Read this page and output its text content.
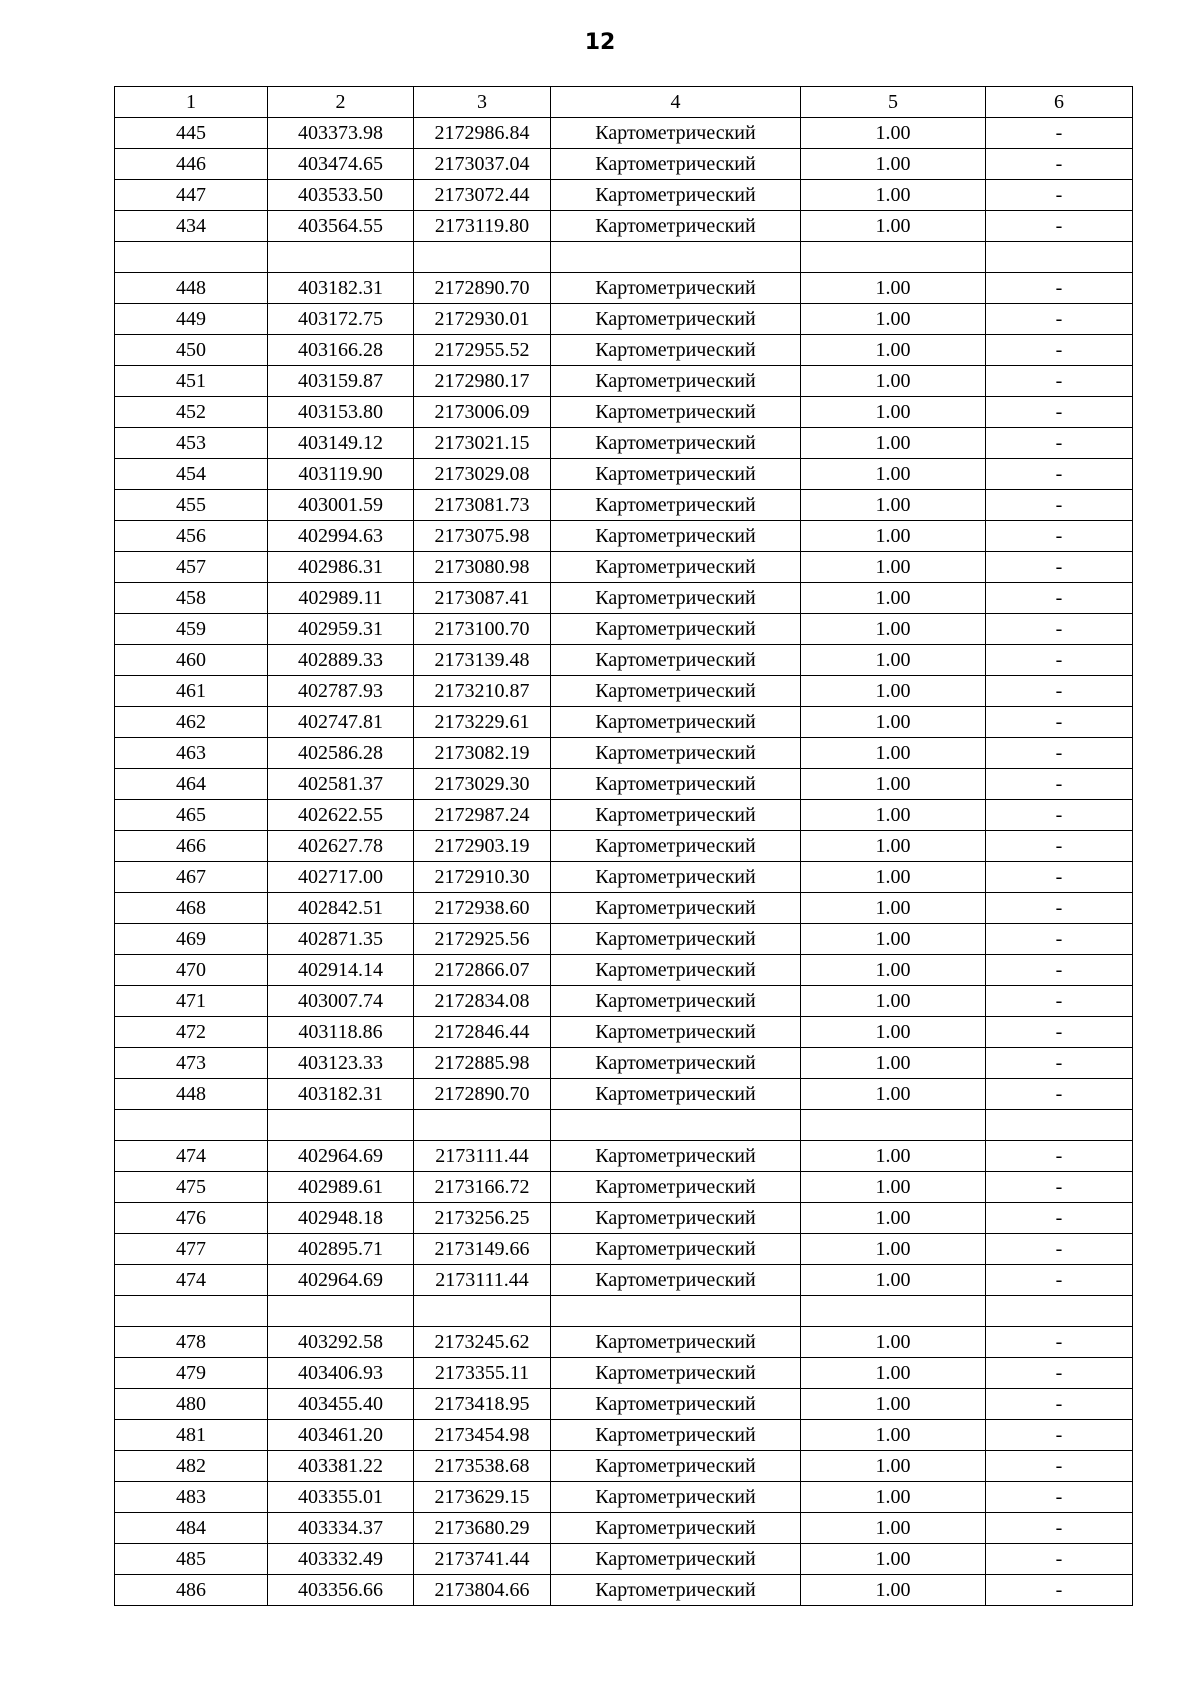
12
1	2	3	4	5	6
445	403373.98	2172986.84	Картометрический	1.00	-
446	403474.65	2173037.04	Картометрический	1.00	-
447	403533.50	2173072.44	Картометрический	1.00	-
434	403564.55	2173119.80	Картометрический	1.00	-

448	403182.31	2172890.70	Картометрический	1.00	-
449	403172.75	2172930.01	Картометрический	1.00	-
450	403166.28	2172955.52	Картометрический	1.00	-
451	403159.87	2172980.17	Картометрический	1.00	-
452	403153.80	2173006.09	Картометрический	1.00	-
453	403149.12	2173021.15	Картометрический	1.00	-
454	403119.90	2173029.08	Картометрический	1.00	-
455	403001.59	2173081.73	Картометрический	1.00	-
456	402994.63	2173075.98	Картометрический	1.00	-
457	402986.31	2173080.98	Картометрический	1.00	-
458	402989.11	2173087.41	Картометрический	1.00	-
459	402959.31	2173100.70	Картометрический	1.00	-
460	402889.33	2173139.48	Картометрический	1.00	-
461	402787.93	2173210.87	Картометрический	1.00	-
462	402747.81	2173229.61	Картометрический	1.00	-
463	402586.28	2173082.19	Картометрический	1.00	-
464	402581.37	2173029.30	Картометрический	1.00	-
465	402622.55	2172987.24	Картометрический	1.00	-
466	402627.78	2172903.19	Картометрический	1.00	-
467	402717.00	2172910.30	Картометрический	1.00	-
468	402842.51	2172938.60	Картометрический	1.00	-
469	402871.35	2172925.56	Картометрический	1.00	-
470	402914.14	2172866.07	Картометрический	1.00	-
471	403007.74	2172834.08	Картометрический	1.00	-
472	403118.86	2172846.44	Картометрический	1.00	-
473	403123.33	2172885.98	Картометрический	1.00	-
448	403182.31	2172890.70	Картометрический	1.00	-

474	402964.69	2173111.44	Картометрический	1.00	-
475	402989.61	2173166.72	Картометрический	1.00	-
476	402948.18	2173256.25	Картометрический	1.00	-
477	402895.71	2173149.66	Картометрический	1.00	-
474	402964.69	2173111.44	Картометрический	1.00	-

478	403292.58	2173245.62	Картометрический	1.00	-
479	403406.93	2173355.11	Картометрический	1.00	-
480	403455.40	2173418.95	Картометрический	1.00	-
481	403461.20	2173454.98	Картометрический	1.00	-
482	403381.22	2173538.68	Картометрический	1.00	-
483	403355.01	2173629.15	Картометрический	1.00	-
484	403334.37	2173680.29	Картометрический	1.00	-
485	403332.49	2173741.44	Картометрический	1.00	-
486	403356.66	2173804.66	Картометрический	1.00	-
